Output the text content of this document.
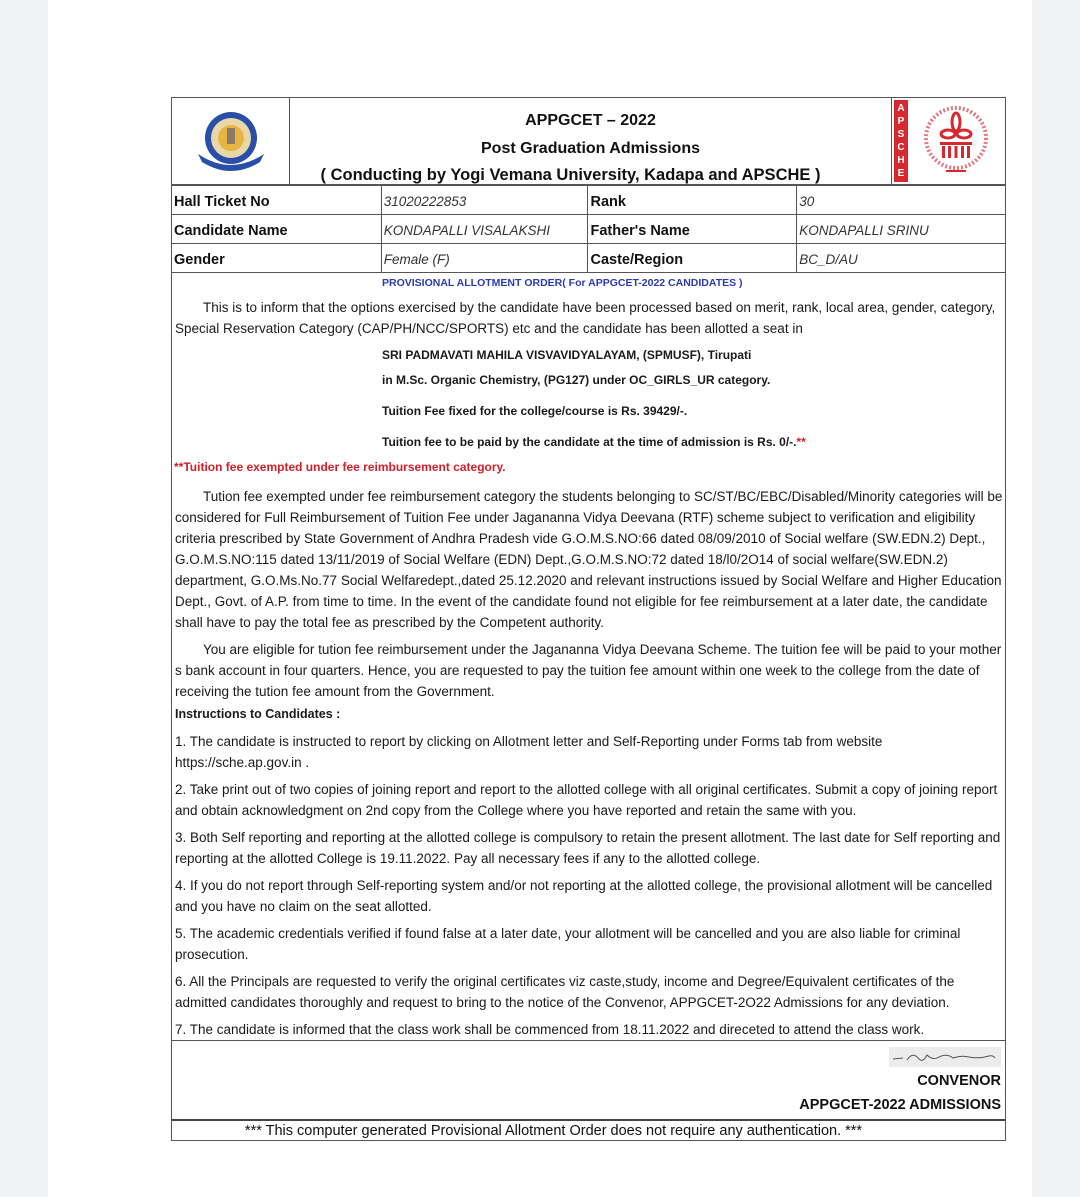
APPGCET – 2022
Post Graduation Admissions
( Conducting by Yogi Vemana University, Kadapa and APSCHE )
A
P
S
C
H
E
Hall Ticket No	31020222853	Rank	30
Candidate Name	KONDAPALLI VISALAKSHI	Father's Name	KONDAPALLI SRINU
Gender	Female (F)	Caste/Region	BC_D/AU
PROVISIONAL ALLOTMENT ORDER( For APPGCET-2022 CANDIDATES )
This is to inform that the options exercised by the candidate have been processed based on merit, rank, local area, gender, category, Special Reservation Category (CAP/PH/NCC/SPORTS) etc and the candidate has been allotted a seat in
SRI PADMAVATI MAHILA VISVAVIDYALAYAM, (SPMUSF), Tirupati
in M.Sc. Organic Chemistry, (PG127) under OC_GIRLS_UR category.
Tuition Fee fixed for the college/course is Rs. 39429/-.
Tuition fee to be paid by the candidate at the time of admission is Rs. 0/-.**
**Tuition fee exempted under fee reimbursement category.
Tution fee exempted under fee reimbursement category the students belonging to SC/ST/BC/EBC/Disabled/Minority categories will be considered for Full Reimbursement of Tuition Fee under Jagananna Vidya Deevana (RTF) scheme subject to verification and eligibility criteria prescribed by State Government of Andhra Pradesh vide G.O.M.S.NO:66 dated 08/09/2010 of Social welfare (SW.EDN.2) Dept., G.O.M.S.NO:115 dated 13/11/2019 of Social Welfare (EDN) Dept.,G.O.M.S.NO:72 dated 18/l0/2O14 of social welfare(SW.EDN.2) department, G.O.Ms.No.77 Social Welfaredept.,dated 25.12.2020 and relevant instructions issued by Social Welfare and Higher Education Dept., Govt. of A.P. from time to time. In the event of the candidate found not eligible for fee reimbursement at a later date, the candidate shall have to pay the total fee as prescribed by the Competent authority.
You are eligible for tution fee reimbursement under the Jagananna Vidya Deevana Scheme. The tuition fee will be paid to your mother s bank account in four quarters. Hence, you are requested to pay the tuition fee amount within one week to the college from the date of receiving the tution fee amount from the Government.
Instructions to Candidates :
1. The candidate is instructed to report by clicking on Allotment letter and Self-Reporting under Forms tab from website https://sche.ap.gov.in .
2. Take print out of two copies of joining report and report to the allotted college with all original certificates. Submit a copy of joining report and obtain acknowledgment on 2nd copy from the College where you have reported and retain the same with you.
3. Both Self reporting and reporting at the allotted college is compulsory to retain the present allotment. The last date for Self reporting and reporting at the allotted College is 19.11.2022. Pay all necessary fees if any to the allotted college.
4. If you do not report through Self-reporting system and/or not reporting at the allotted college, the provisional allotment will be cancelled and you have no claim on the seat allotted.
5. The academic credentials verified if found false at a later date, your allotment will be cancelled and you are also liable for criminal prosecution.
6. All the Principals are requested to verify the original certificates viz caste,study, income and Degree/Equivalent certificates of the admitted candidates thoroughly and request to bring to the notice of the Convenor, APPGCET-2O22 Admissions for any deviation.
7. The candidate is informed that the class work shall be commenced from 18.11.2022 and direceted to attend the class work.
CONVENOR
APPGCET-2022 ADMISSIONS
*** This computer generated Provisional Allotment Order does not require any authentication. ***
